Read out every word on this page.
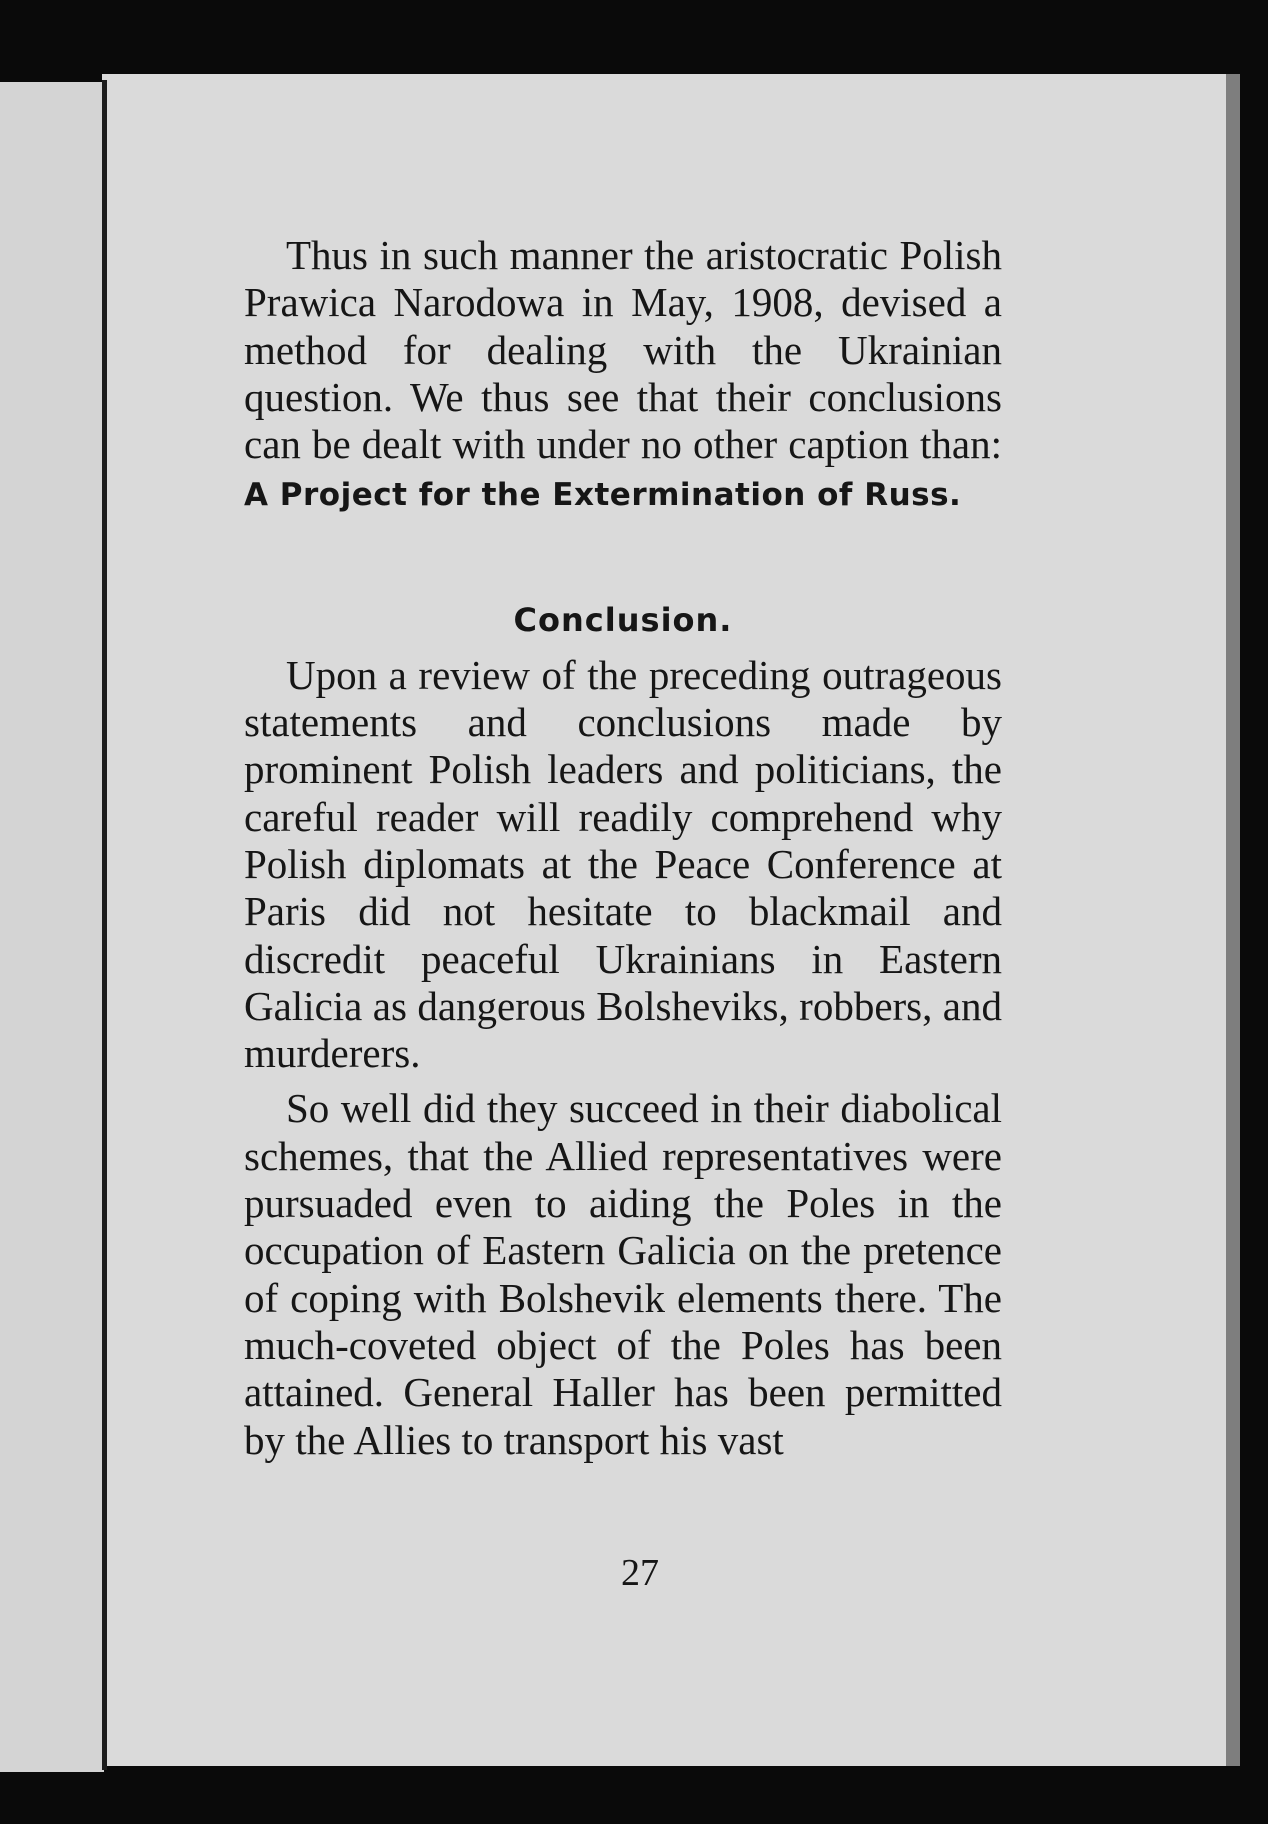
Thus in such manner the aristocratic Polish Prawica Narodowa in May, 1908, devised a method for dealing with the Ukrainian question. We thus see that their conclusions can be dealt with under no other caption than: A Project for the Extermination of Russ.

Conclusion.

Upon a review of the preceding outrageous statements and conclusions made by prominent Polish leaders and politicians, the careful reader will readily comprehend why Polish diplomats at the Peace Conference at Paris did not hesitate to blackmail and discredit peaceful Ukrainians in Eastern Galicia as dangerous Bolsheviks, robbers, and murderers.

So well did they succeed in their diabolical schemes, that the Allied representatives were pursuaded even to aiding the Poles in the occupation of Eastern Galicia on the pretence of coping with Bolshevik elements there. The much-coveted object of the Poles has been attained. General Haller has been permitted by the Allies to transport his vast

27
